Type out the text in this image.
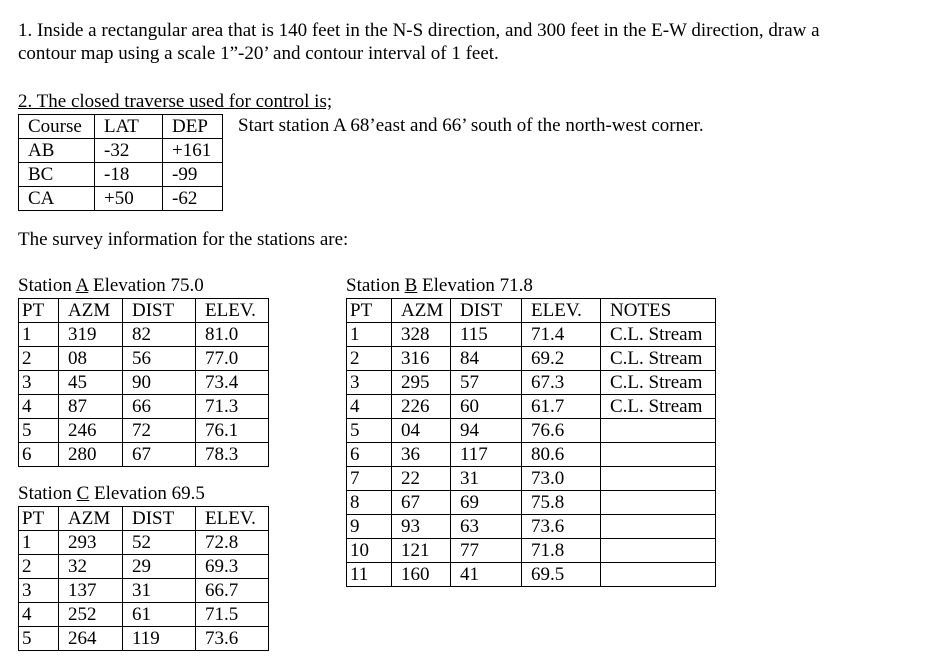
1. Inside a rectangular area that is 140 feet in the N-S direction, and 300 feet in the E-W direction, draw a
contour map using a scale 1”-20’ and contour interval of 1 feet.
2. The closed traverse used for control is;
Course	LAT	DEP
AB	-32	+161
BC	-18	-99
CA	+50	-62
Start station A 68’east and 66’ south of the north-west corner.
The survey information for the stations are:
Station A Elevation 75.0
PT	AZM	DIST	ELEV.
1	319	82	81.0
2	08	56	77.0
3	45	90	73.4
4	87	66	71.3
5	246	72	76.1
6	280	67	78.3
Station C Elevation 69.5
PT	AZM	DIST	ELEV.
1	293	52	72.8
2	32	29	69.3
3	137	31	66.7
4	252	61	71.5
5	264	119	73.6
Station B Elevation 71.8
PT	AZM	DIST	ELEV.	NOTES
1	328	115	71.4	C.L. Stream
2	316	84	69.2	C.L. Stream
3	295	57	67.3	C.L. Stream
4	226	60	61.7	C.L. Stream
5	04	94	76.6	
6	36	117	80.6	
7	22	31	73.0	
8	67	69	75.8	
9	93	63	73.6	
10	121	77	71.8	
11	160	41	69.5	
